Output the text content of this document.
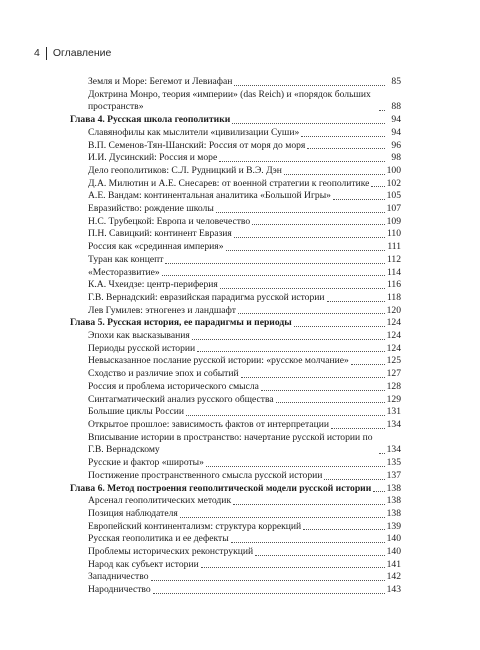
4 Оглавление
Земля и Море: Бегемот и Левиафан	85
Доктрина Монро, теория «империи» (das Reich) и «порядок больших пространств»	88
Глава 4. Русская школа геополитики	94
Славянофилы как мыслители «цивилизации Суши»	94
В.П. Семенов-Тян-Шанский: Россия от моря до моря	96
И.И. Дусинский: Россия и море	98
Дело геополитиков: С.Л. Рудницкий и В.Э. Дэн	100
Д.А. Милютин и А.Е. Снесарев: от военной стратегии к геополитике 102
А.Е. Вандам: континентальная аналитика «Большой Игры»	105
Евразийство: рождение школы	107
Н.С. Трубецкой: Европа и человечество	109
П.Н. Савицкий: континент Евразия	110
Россия как «срединная империя»	111
Туран как концепт	112
«Месторазвитие»	114
К.А. Чхеидзе: центр-периферия	116
Г.В. Вернадский: евразийская парадигма русской истории	118
Лев Гумилев: этногенез и ландшафт	120
Глава 5. Русская история, ее парадигмы и периоды	124
Эпохи как высказывания	124
Периоды русской истории	124
Невысказанное послание русской истории: «русское молчание»	125
Сходство и различие эпох и событий	127
Россия и проблема исторического смысла	128
Синтагматический анализ русского общества	129
Большие циклы России	131
Открытое прошлое: зависимость фактов от интерпретации	134
Вписывание истории в пространство: начертание русской истории по Г.В. Вернадскому	134
Русские и фактор «широты»	135
Постижение пространственного смысла русской истории	137
Глава 6. Метод построения геополитической модели русской истории 138
Арсенал геополитических методик	138
Позиция наблюдателя	138
Европейский континентализм: структура коррекций	139
Русская геополитика и ее дефекты	140
Проблемы исторических реконструкций	140
Народ как субъект истории	141
Западничество	142
Народничество	143
